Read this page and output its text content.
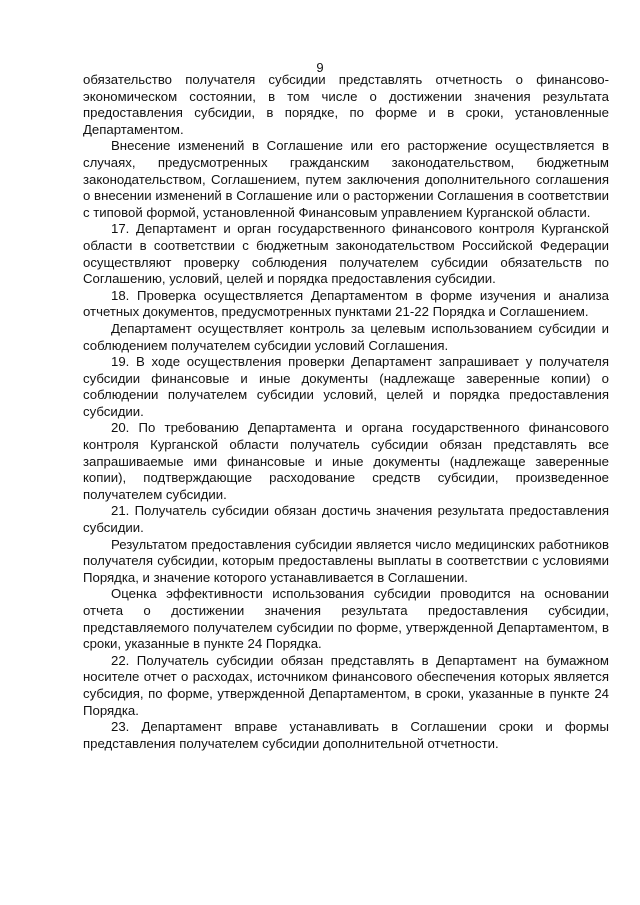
9

обязательство получателя субсидии представлять отчетность о финансово-экономическом состоянии, в том числе о достижении значения результата предоставления субсидии, в порядке, по форме и в сроки, установленные Департаментом.

Внесение изменений в Соглашение или его расторжение осуществляется в случаях, предусмотренных гражданским законодательством, бюджетным законодательством, Соглашением, путем заключения дополнительного соглашения о внесении изменений в Соглашение или о расторжении Соглашения в соответствии с типовой формой, установленной Финансовым управлением Курганской области.

17. Департамент и орган государственного финансового контроля Курганской области в соответствии с бюджетным законодательством Российской Федерации осуществляют проверку соблюдения получателем субсидии обязательств по Соглашению, условий, целей и порядка предоставления субсидии.

18. Проверка осуществляется Департаментом в форме изучения и анализа отчетных документов, предусмотренных пунктами 21-22 Порядка и Соглашением.

Департамент осуществляет контроль за целевым использованием субсидии и соблюдением получателем субсидии условий Соглашения.

19. В ходе осуществления проверки Департамент запрашивает у получателя субсидии финансовые и иные документы (надлежаще заверенные копии) о соблюдении получателем субсидии условий, целей и порядка предоставления субсидии.

20. По требованию Департамента и органа государственного финансового контроля Курганской области получатель субсидии обязан представлять все запрашиваемые ими финансовые и иные документы (надлежаще заверенные копии), подтверждающие расходование средств субсидии, произведенное получателем субсидии.

21. Получатель субсидии обязан достичь значения результата предоставления субсидии.

Результатом предоставления субсидии является число медицинских работников получателя субсидии, которым предоставлены выплаты в соответствии с условиями Порядка, и значение которого устанавливается в Соглашении.

Оценка эффективности использования субсидии проводится на основании отчета о достижении значения результата предоставления субсидии, представляемого получателем субсидии по форме, утвержденной Департаментом, в сроки, указанные в пункте 24 Порядка.

22. Получатель субсидии обязан представлять в Департамент на бумажном носителе отчет о расходах, источником финансового обеспечения которых является субсидия, по форме, утвержденной Департаментом, в сроки, указанные в пункте 24 Порядка.

23. Департамент вправе устанавливать в Соглашении сроки и формы представления получателем субсидии дополнительной отчетности.
